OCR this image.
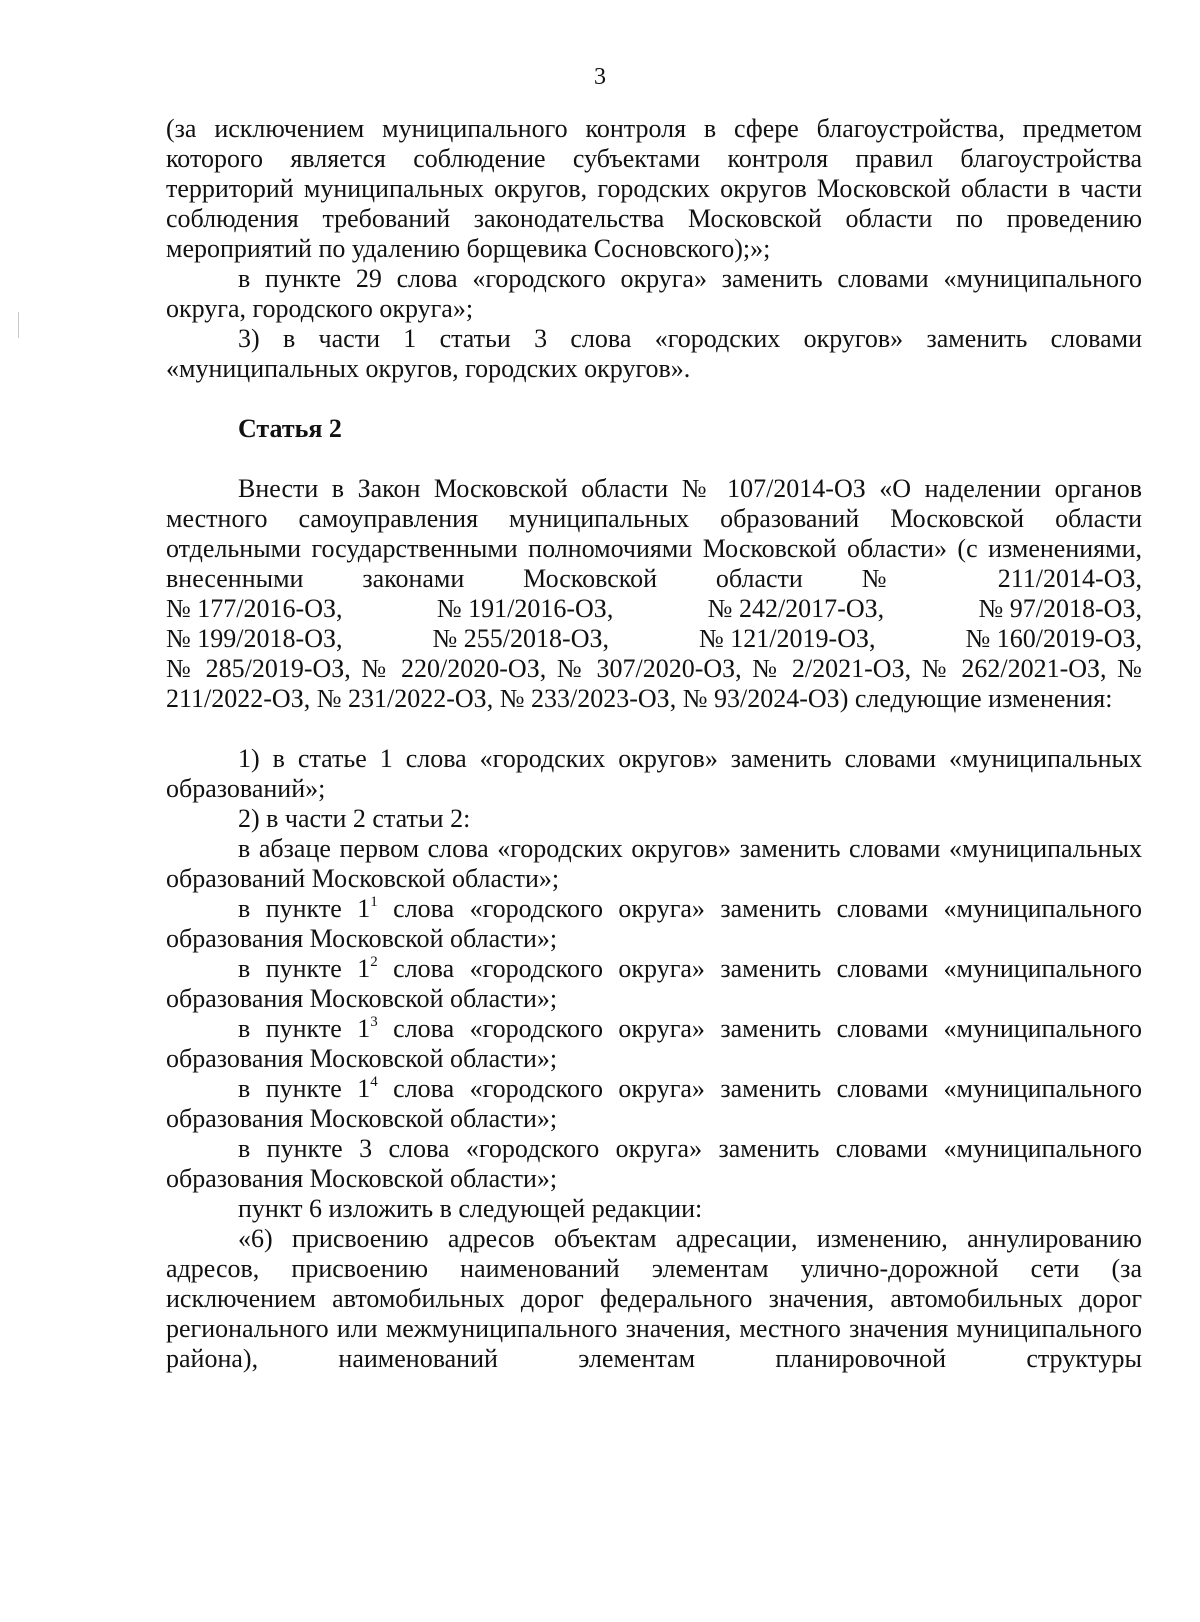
3

(за исключением муниципального контроля в сфере благоустройства, предметом которого является соблюдение субъектами контроля правил благоустройства территорий муниципальных округов, городских округов Московской области в части соблюдения требований законодательства Московской области по проведению мероприятий по удалению борщевика Сосновского);»;

в пункте 29 слова «городского округа» заменить словами «муниципального округа, городского округа»;

3) в части 1 статьи 3 слова «городских округов» заменить словами «муниципальных округов, городских округов».

Статья 2

Внести в Закон Московской области № 107/2014-ОЗ «О наделении органов местного самоуправления муниципальных образований Московской области отдельными государственными полномочиями Московской области» (с изменениями, внесенными законами Московской области № 211/2014-ОЗ,

№ 177/2016-ОЗ,	№ 191/2016-ОЗ,	№ 242/2017-ОЗ,	№ 97/2018-ОЗ,
№ 199/2018-ОЗ,	№ 255/2018-ОЗ,	№ 121/2019-ОЗ,	№ 160/2019-ОЗ,

№ 285/2019-ОЗ, № 220/2020-ОЗ, № 307/2020-ОЗ, № 2/2021-ОЗ, № 262/2021-ОЗ, № 211/2022-ОЗ, № 231/2022-ОЗ, № 233/2023-ОЗ, № 93/2024-ОЗ) следующие изменения:

1) в статье 1 слова «городских округов» заменить словами «муниципальных образований»;

2) в части 2 статьи 2:

в абзаце первом слова «городских округов» заменить словами «муниципальных образований Московской области»;

в пункте $1^1$ слова «городского округа» заменить словами «муниципального образования Московской области»;

в пункте $1^2$ слова «городского округа» заменить словами «муниципального образования Московской области»;

в пункте $1^3$ слова «городского округа» заменить словами «муниципального образования Московской области»;

в пункте $1^4$ слова «городского округа» заменить словами «муниципального образования Московской области»;

в пункте 3 слова «городского округа» заменить словами «муниципального образования Московской области»;

пункт 6 изложить в следующей редакции:

«6) присвоению адресов объектам адресации, изменению, аннулированию адресов, присвоению наименований элементам улично-дорожной сети (за исключением автомобильных дорог федерального значения, автомобильных дорог регионального или межмуниципального значения, местного значения муниципального района), наименований элементам планировочной структуры
